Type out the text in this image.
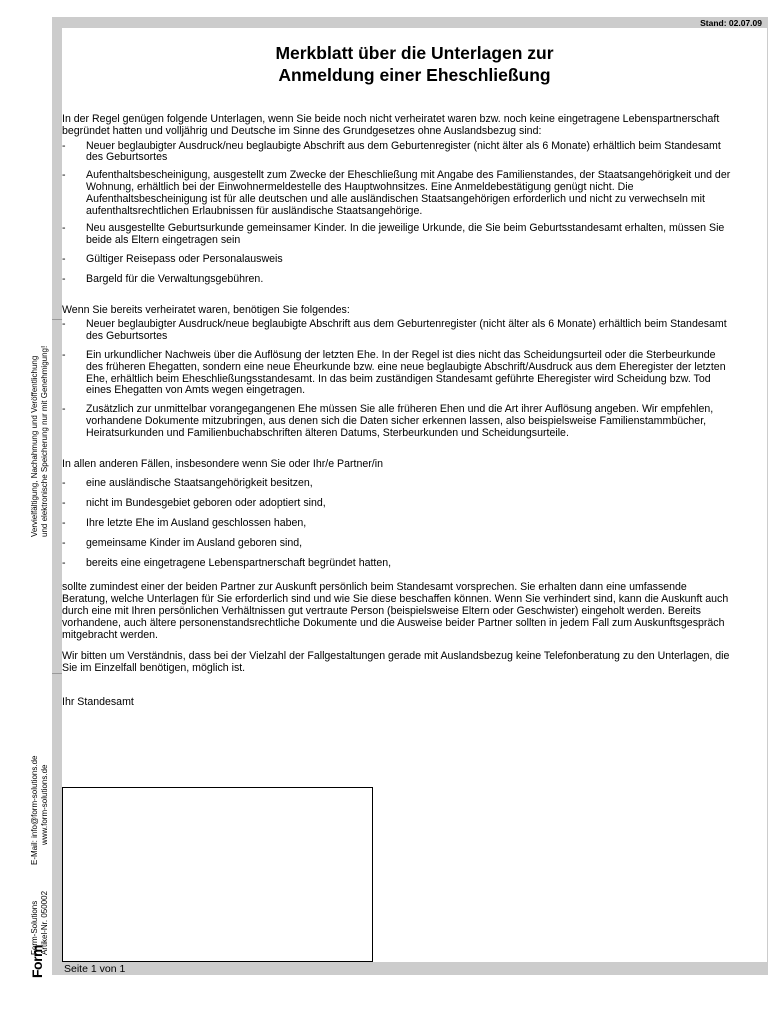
Stand: 02.07.09
Merkblatt über die Unterlagen zur
Anmeldung einer Eheschließung

In der Regel genügen folgende Unterlagen, wenn Sie beide noch nicht verheiratet waren bzw. noch keine eingetragene Lebenspartnerschaft begründet hatten und volljährig und Deutsche im Sinne des Grundgesetzes ohne Auslandsbezug sind:

- Neuer beglaubigter Ausdruck/neu beglaubigte Abschrift aus dem Geburtenregister (nicht älter als 6 Monate) erhältlich beim Standesamt des Geburtsortes
- Aufenthaltsbescheinigung, ausgestellt zum Zwecke der Eheschließung mit Angabe des Familienstandes, der Staatsangehörigkeit und der Wohnung, erhältlich bei der Einwohnermeldestelle des Hauptwohnsitzes. Eine Anmeldebestätigung genügt nicht. Die Aufenthaltsbescheinigung ist für alle deutschen und alle ausländischen Staatsangehörigen erforderlich und nicht zu verwechseln mit aufenthaltsrechtlichen Erlaubnissen für ausländische Staatsangehörige.
- Neu ausgestellte Geburtsurkunde gemeinsamer Kinder. In die jeweilige Urkunde, die Sie beim Geburtsstandesamt erhalten, müssen Sie beide als Eltern eingetragen sein
- Gültiger Reisepass oder Personalausweis
- Bargeld für die Verwaltungsgebühren.

Wenn Sie bereits verheiratet waren, benötigen Sie folgendes:

- Neuer beglaubigter Ausdruck/neue beglaubigte Abschrift aus dem Geburtenregister (nicht älter als 6 Monate) erhältlich beim Standesamt des Geburtsortes
- Ein urkundlicher Nachweis über die Auflösung der letzten Ehe. In der Regel ist dies nicht das Scheidungsurteil oder die Sterbeurkunde des früheren Ehegatten, sondern eine neue Eheurkunde bzw. eine neue beglaubigte Abschrift/Ausdruck aus dem Eheregister der letzten Ehe, erhältlich beim Eheschließungsstandesamt. In das beim zuständigen Standesamt geführte Eheregister wird Scheidung bzw. Tod eines Ehegatten von Amts wegen eingetragen.
- Zusätzlich zur unmittelbar vorangegangenen Ehe müssen Sie alle früheren Ehen und die Art ihrer Auflösung angeben. Wir empfehlen, vorhandene Dokumente mitzubringen, aus denen sich die Daten sicher erkennen lassen, also beispielsweise Familienstammbücher, Heiratsurkunden und Familienbuchabschriften älteren Datums, Sterbeurkunden und Scheidungsurteile.

In allen anderen Fällen, insbesondere wenn Sie oder Ihr/e Partner/in

- eine ausländische Staatsangehörigkeit besitzen,
- nicht im Bundesgebiet geboren oder adoptiert sind,
- Ihre letzte Ehe im Ausland geschlossen haben,
- gemeinsame Kinder im Ausland geboren sind,
- bereits eine eingetragene Lebenspartnerschaft begründet hatten,

sollte zumindest einer der beiden Partner zur Auskunft persönlich beim Standesamt vorsprechen. Sie erhalten dann eine umfassende Beratung, welche Unterlagen für Sie erforderlich sind und wie Sie diese beschaffen können. Wenn Sie verhindert sind, kann die Auskunft auch durch eine mit Ihren persönlichen Verhältnissen gut vertraute Person (beispielsweise Eltern oder Geschwister) eingeholt werden. Bereits vorhandene, auch ältere personenstandsrechtliche Dokumente und die Ausweise beider Partner sollten in jedem Fall zum Auskunftsgespräch mitgebracht werden.

Wir bitten um Verständnis, dass bei der Vielzahl der Fallgestaltungen gerade mit Auslandsbezug keine Telefonberatung zu den Unterlagen, die Sie im Einzelfall benötigen, möglich ist.

Ihr Standesamt

Seite 1 von 1
Vervielfältigung, Nachahmung und Veröffentlichung und elektronische Speicherung nur mit Genehmigung!
Form-SolutionsE-Mail: info@form-solutions.de
Artikel-Nr. 050002www.form-solutions.de
Form
